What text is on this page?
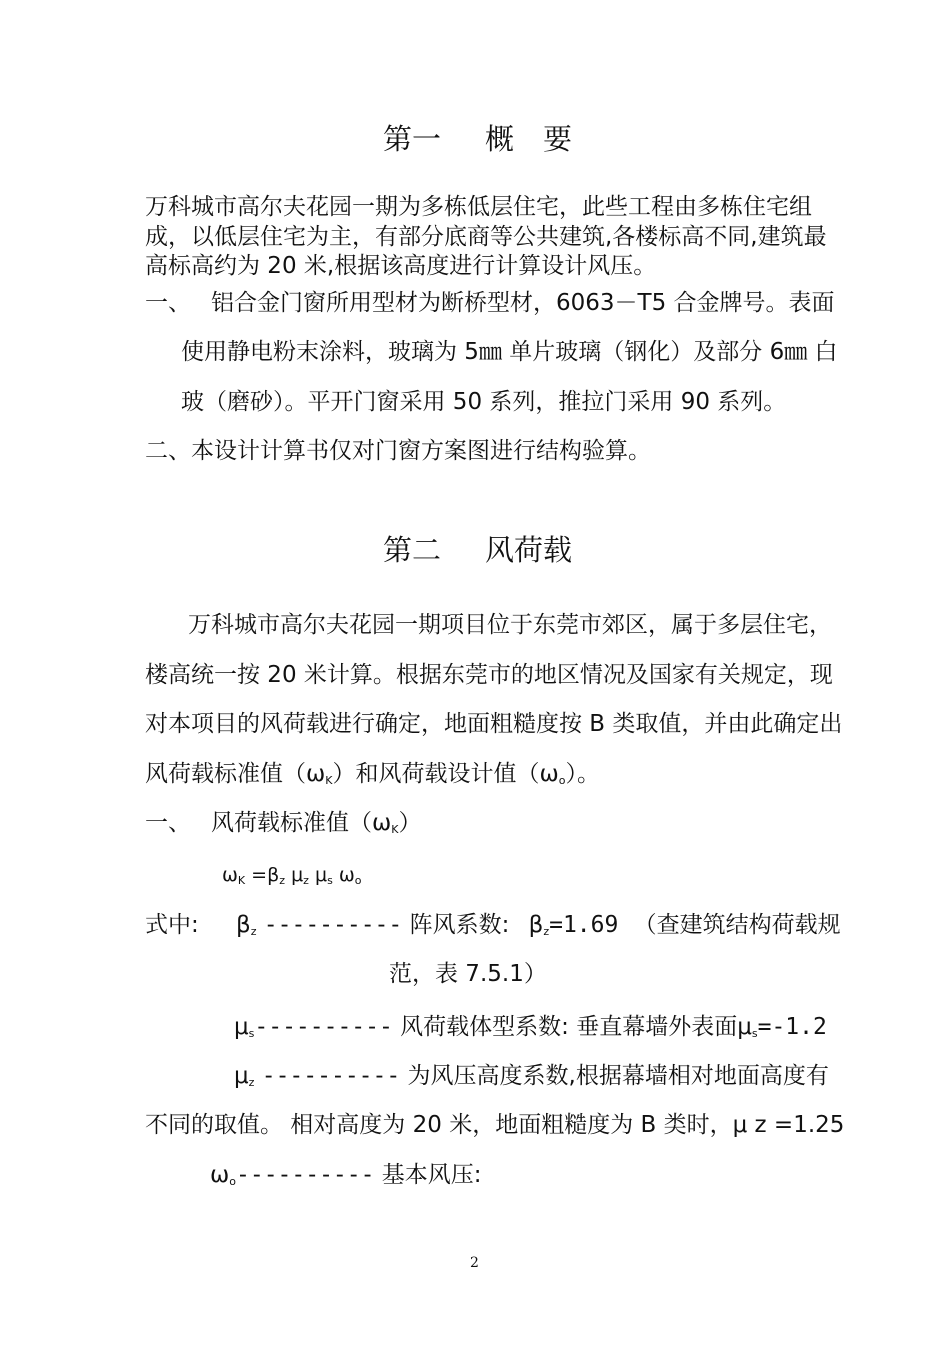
第一 概　要
万科城市高尔夫花园一期为多栋低层住宅，此些工程由多栋住宅组
成，以低层住宅为主，有部分底商等公共建筑,各楼标高不同,建筑最
高标高约为 20 米,根据该高度进行计算设计风压。
一、 铝合金门窗所用型材为断桥型材，6063－T5 合金牌号。表面
使用静电粉末涂料，玻璃为 5㎜ 单片玻璃（钢化）及部分 6㎜ 白
玻（磨砂）。平开门窗采用 50 系列，推拉门采用 90 系列。
二、本设计计算书仅对门窗方案图进行结构验算。
第二 风荷载
万科城市高尔夫花园一期项目位于东莞市郊区，属于多层住宅，
楼高统一按 20 米计算。根据东莞市的地区情况及国家有关规定，现
对本项目的风荷载进行确定，地面粗糙度按 B 类取值，并由此确定出
风荷载标准值$(\omega_K)$和风荷载设计值$(\omega_o)$。
一、 风荷载标准值$(\omega_K)$
$\omega_K =\beta_z$ $\mu_z$ $\mu_s$ $\omega_o$
式中: $\beta_z$ ---------- 阵风系数: $\beta_z=1.69$ （查建筑结构荷载规
范，表 7.5.1）
$\mu_s----------$ 风荷载体型系数: 垂直幕墙外表面$\mu_s=-1.2$
$\mu_z$ ---------- 为风压高度系数,根据幕墙相对地面高度有
不同的取值。 相对高度为 20 米，地面粗糙度为 B 类时，μ z =1.25
$\omega_o----------$ 基本风压:
2
